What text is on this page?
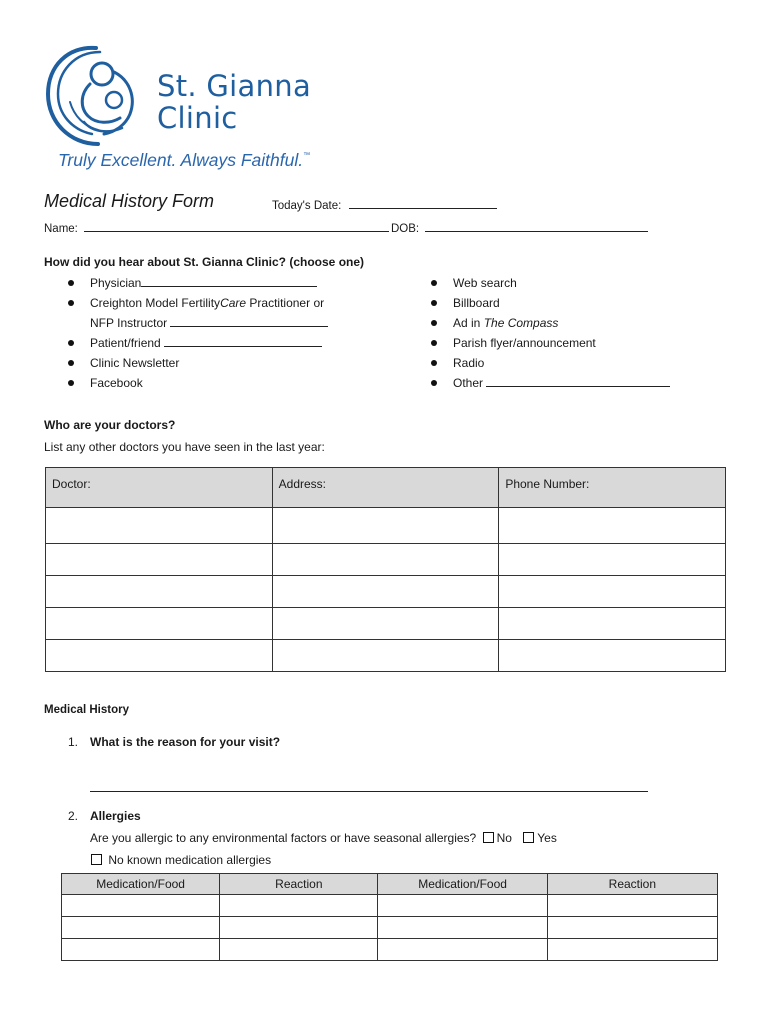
St. Gianna
Clinic
Truly Excellent. Always Faithful.™
Medical History Form	Today's Date:
Name:	DOB:
How did you hear about St. Gianna Clinic? (choose one)
Physician
Creighton Model FertilityCare Practitioner or
NFP Instructor
Patient/friend
Clinic Newsletter
Facebook
Web search
Billboard
Ad in The Compass
Parish flyer/announcement
Radio
Other
Who are your doctors?
List any other doctors you have seen in the last year:
Doctor:	Address:	Phone Number:

Medical History
1. What is the reason for your visit?
2. Allergies
Are you allergic to any environmental factors or have seasonal allergies? No Yes
No known medication allergies
Medication/Food	Reaction	Medication/Food	Reaction
